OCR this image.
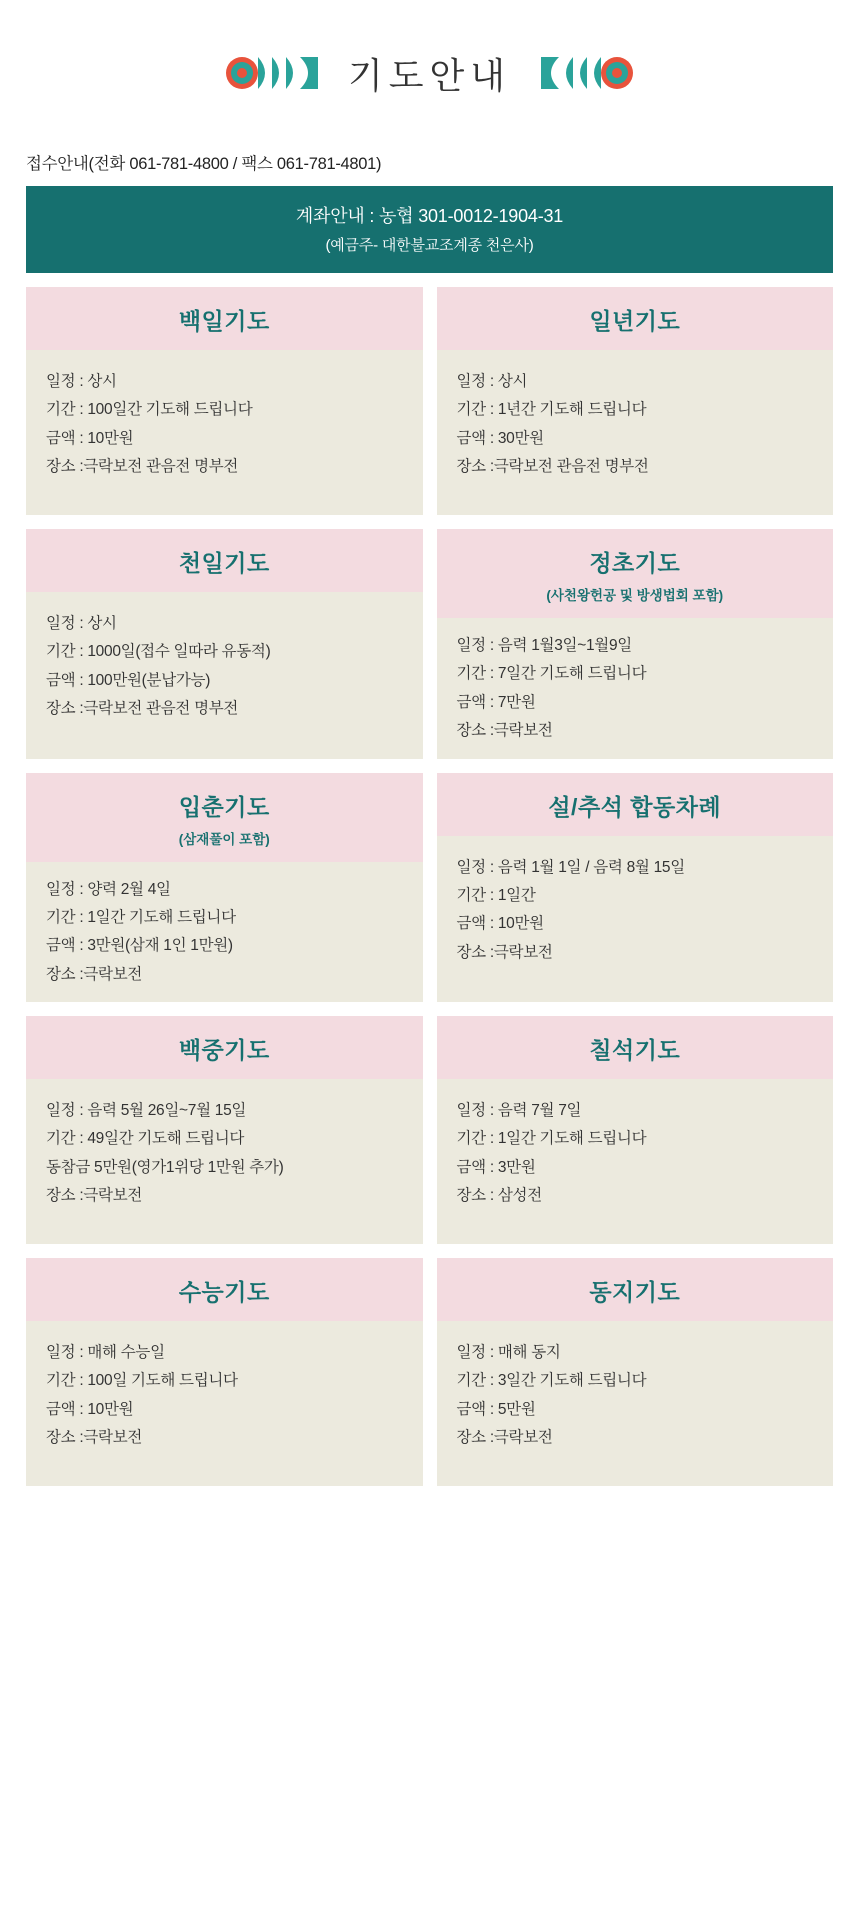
기도안내
접수안내(전화 061-781-4800 / 팩스 061-781-4801)
계좌안내 : 농협 301-0012-1904-31
(예금주- 대한불교조계종 천은사)
백일기도
일정 : 상시
기간 : 100일간 기도해 드립니다
금액 : 10만원
장소 :극락보전 관음전 명부전
일년기도
일정 : 상시
기간 : 1년간 기도해 드립니다
금액 : 30만원
장소 :극락보전 관음전 명부전
천일기도
일정 : 상시
기간 : 1000일(접수 일따라 유동적)
금액 : 100만원(분납가능)
장소 :극락보전 관음전 명부전
정초기도
(사천왕헌공 및 방생법회 포함)
일정 : 음력 1월3일~1월9일
기간 : 7일간 기도해 드립니다
금액 : 7만원
장소 :극락보전
입춘기도
(삼재풀이 포함)
일정 : 양력 2월 4일
기간 : 1일간 기도해 드립니다
금액 : 3만원(삼재 1인 1만원)
장소 :극락보전
설/추석 합동차례
일정 : 음력 1월 1일 / 음력 8월 15일
기간 : 1일간
금액 : 10만원
장소 :극락보전
백중기도
일정 : 음력 5월 26일~7월 15일
기간 : 49일간 기도해 드립니다
동참금 5만원(영가1위당 1만원 추가)
장소 :극락보전
칠석기도
일정 : 음력 7월 7일
기간 : 1일간 기도해 드립니다
금액 : 3만원
장소 : 삼성전
수능기도
일정 : 매해 수능일
기간 : 100일 기도해 드립니다
금액 : 10만원
장소 :극락보전
동지기도
일정 : 매해 동지
기간 : 3일간 기도해 드립니다
금액 : 5만원
장소 :극락보전
